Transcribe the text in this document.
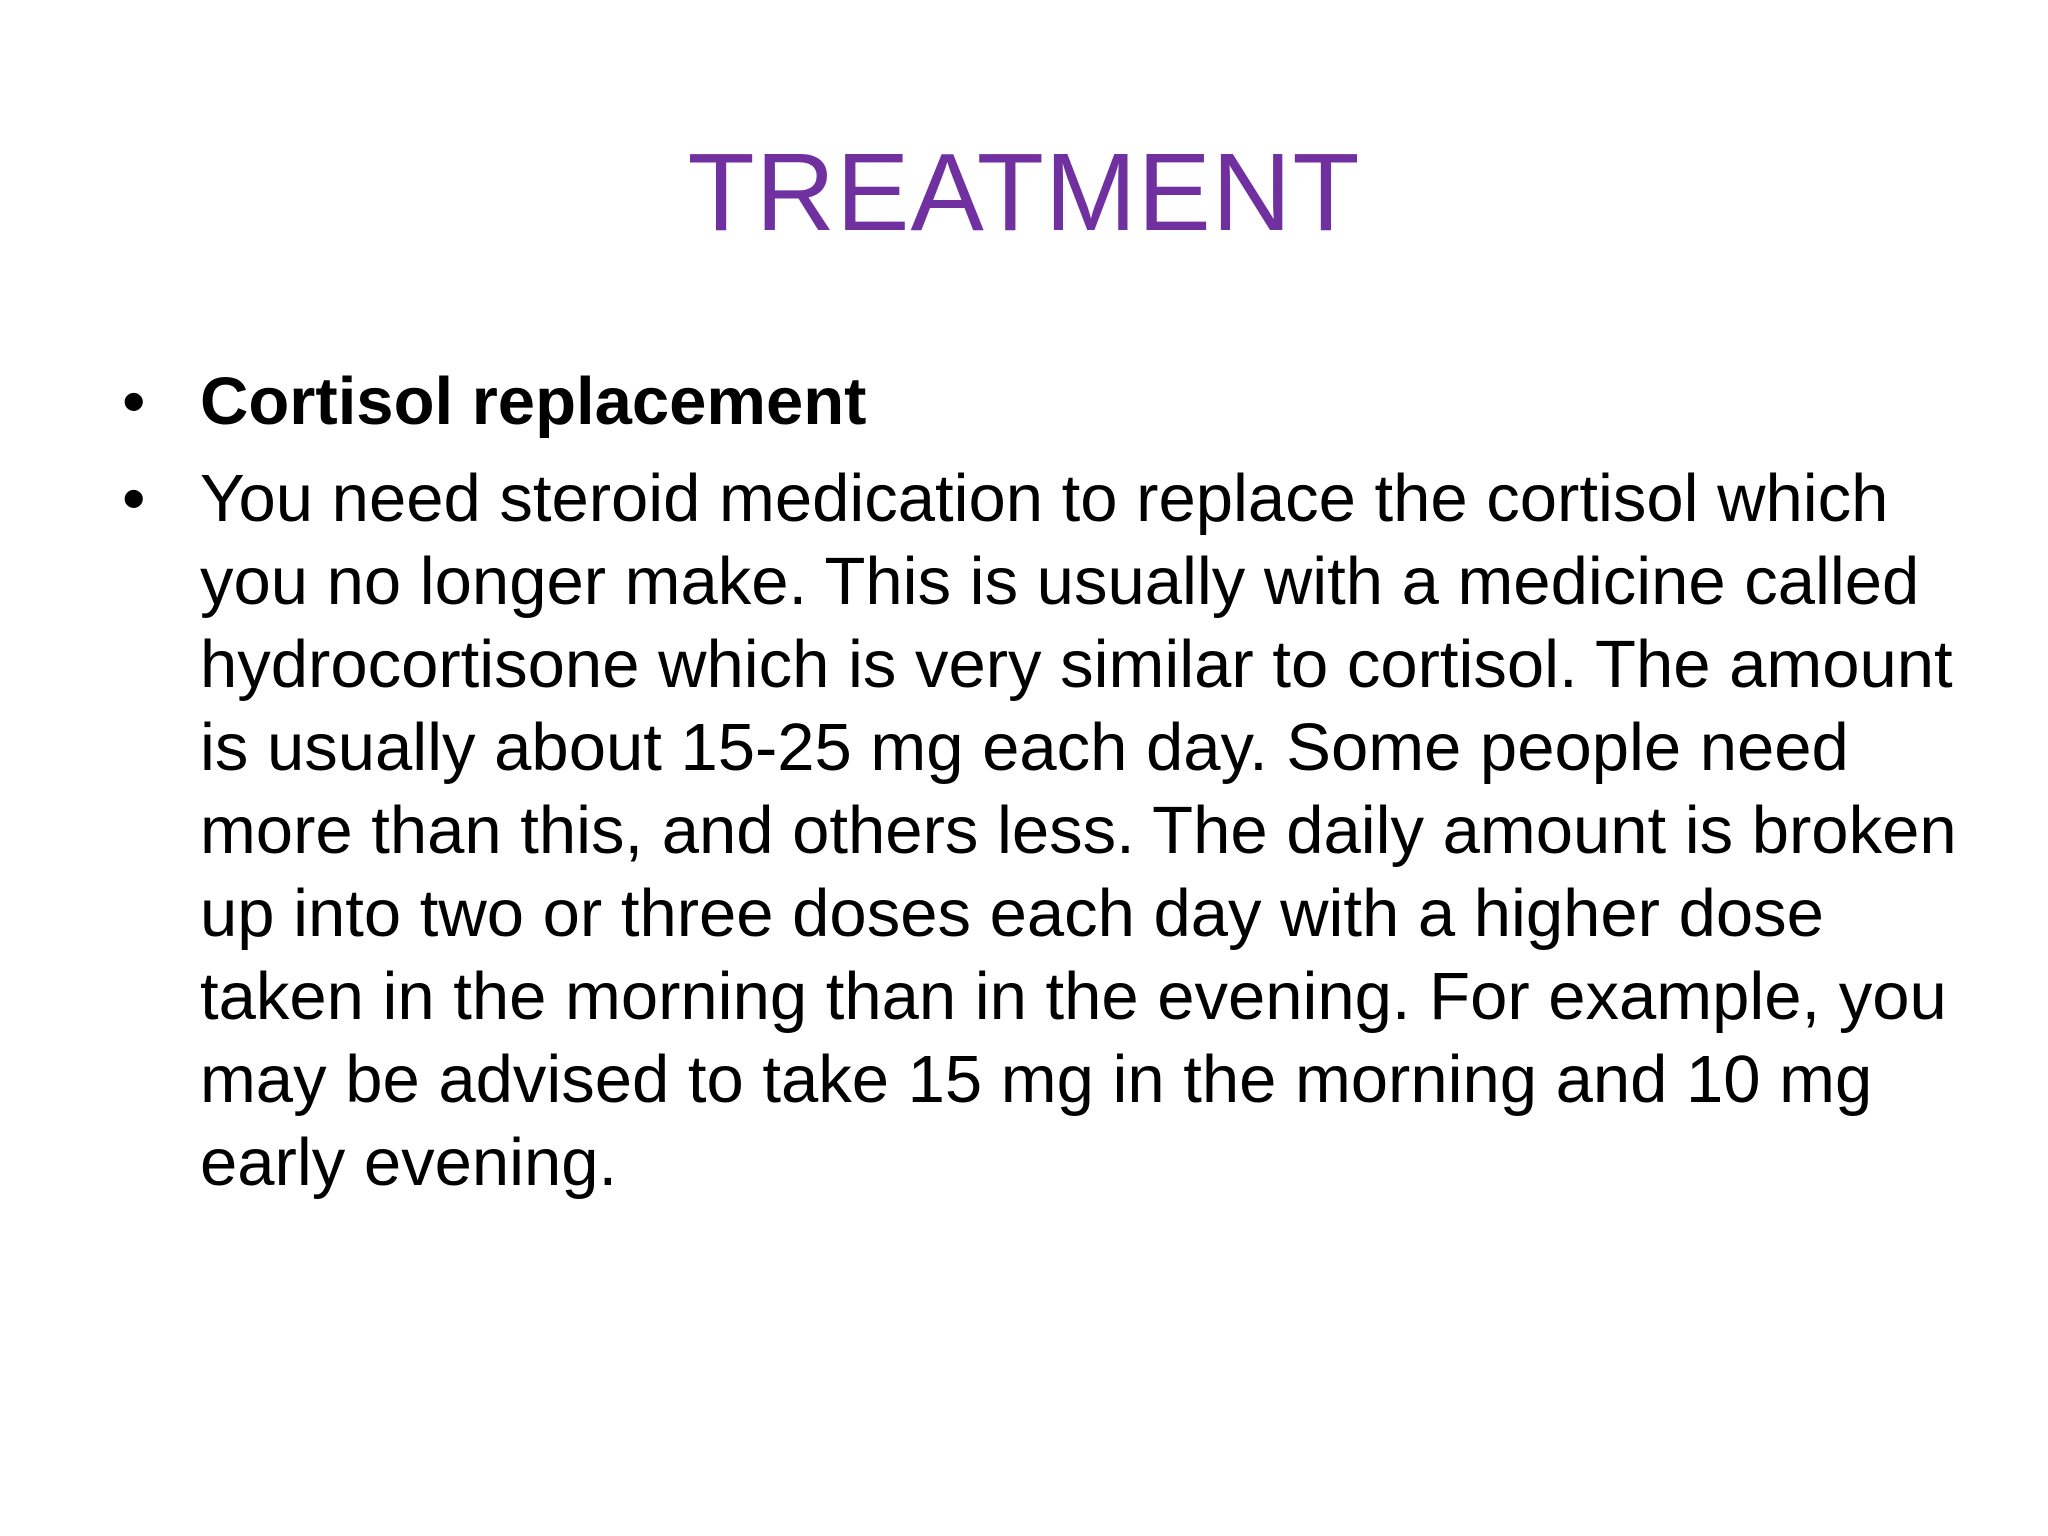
TREATMENT
• Cortisol replacement
• You need steroid medication to replace the cortisol which you no longer make. This is usually with a medicine called hydrocortisone which is very similar to cortisol. The amount is usually about 15-25 mg each day. Some people need more than this, and others less. The daily amount is broken up into two or three doses each day with a higher dose taken in the morning than in the evening. For example, you may be advised to take 15 mg in the morning and 10 mg early evening.
